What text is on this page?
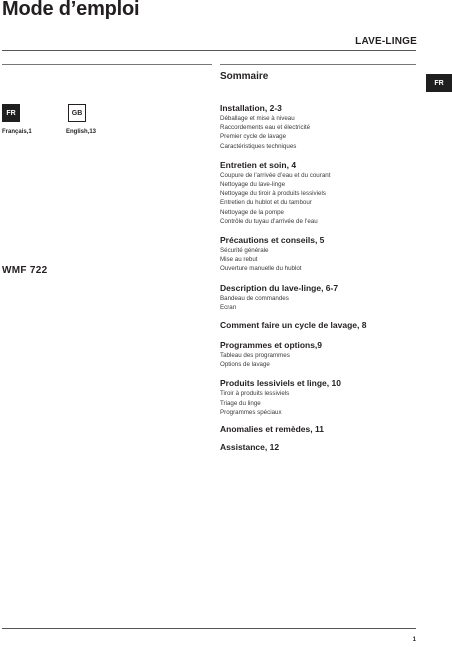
Mode d’emploi
LAVE-LINGE
FR
FR	GB
Français,1	English,13
WMF 722

Sommaire

Installation, 2-3
Déballage et mise à niveau
Raccordements eau et électricité
Premier cycle de lavage
Caractéristiques techniques
Entretien et soin, 4
Coupure de l’arrivée d’eau et du courant
Nettoyage du lave-linge
Nettoyage du tiroir à produits lessiviels
Entretien du hublot et du tambour
Nettoyage de la pompe
Contrôle du tuyau d’arrivée de l’eau
Précautions et conseils, 5
Sécurité générale
Mise au rebut
Ouverture manuelle du hublot
Description du lave-linge, 6-7
Bandeau de commandes
Ecran
Comment faire un cycle de lavage, 8
Programmes et options,9
Tableau des programmes
Options de lavage
Produits lessiviels et linge, 10
Tiroir à produits lessiviels
Triage du linge
Programmes spéciaux
Anomalies et remèdes, 11
Assistance, 12
1
